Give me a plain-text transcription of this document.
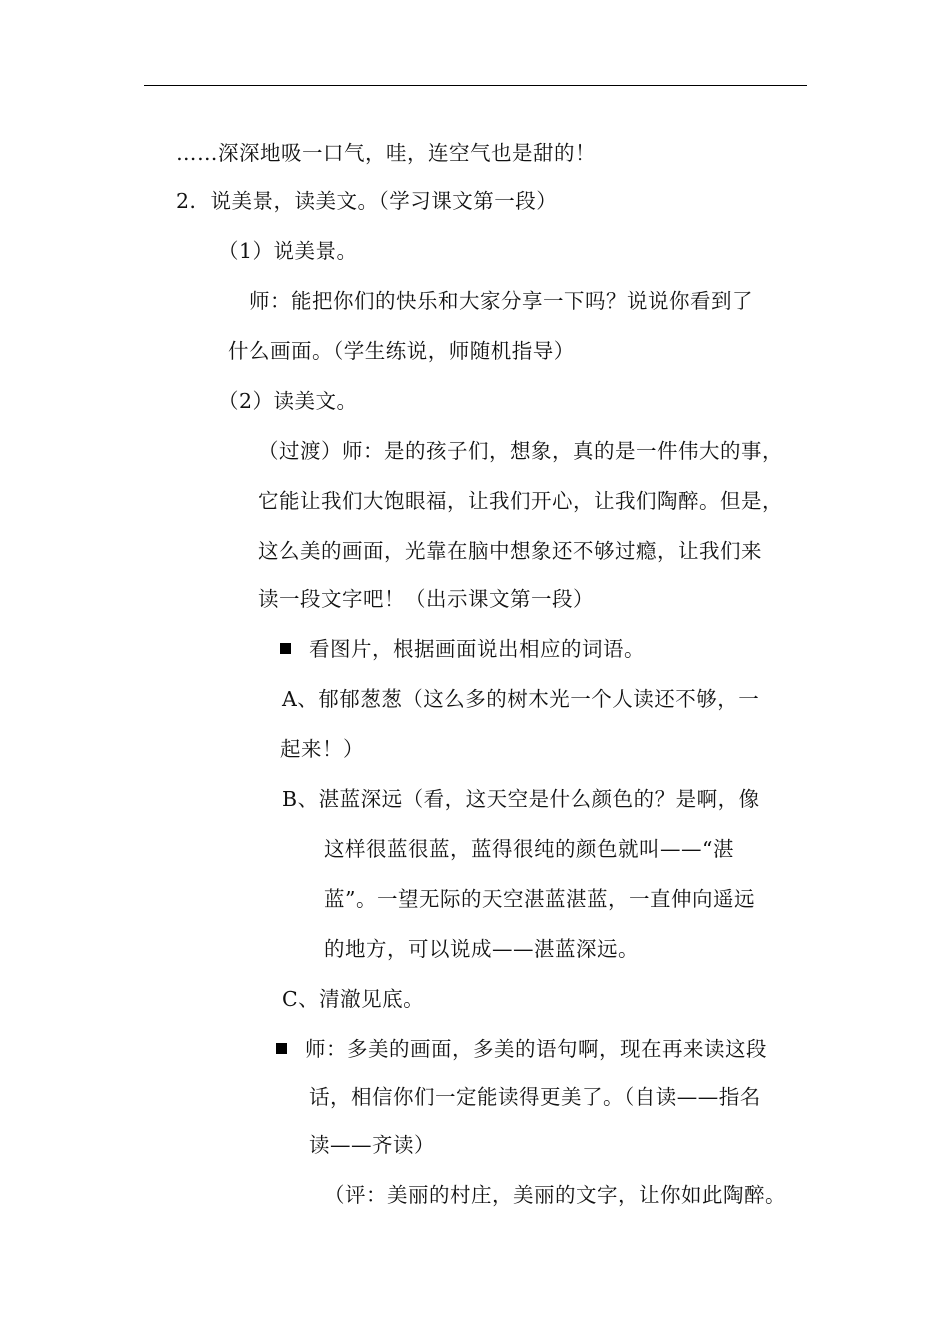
……深深地吸一口气，哇，连空气也是甜的！
2．说美景，读美文。（学习课文第一段）
（1）说美景。
师：能把你们的快乐和大家分享一下吗？说说你看到了
什么画面。（学生练说，师随机指导）
（2）读美文。
（过渡）师：是的孩子们，想象，真的是一件伟大的事，
它能让我们大饱眼福，让我们开心，让我们陶醉。但是，
这么美的画面，光靠在脑中想象还不够过瘾，让我们来
读一段文字吧！（出示课文第一段）
看图片，根据画面说出相应的词语。
A、郁郁葱葱（这么多的树木光一个人读还不够，一
起来！）
B、湛蓝深远（看，这天空是什么颜色的？是啊，像
这样很蓝很蓝，蓝得很纯的颜色就叫——“湛
蓝”。一望无际的天空湛蓝湛蓝，一直伸向遥远
的地方，可以说成——湛蓝深远。
C、清澈见底。
师：多美的画面，多美的语句啊，现在再来读这段
话，相信你们一定能读得更美了。（自读——指名
读——齐读）
（评：美丽的村庄，美丽的文字，让你如此陶醉。
